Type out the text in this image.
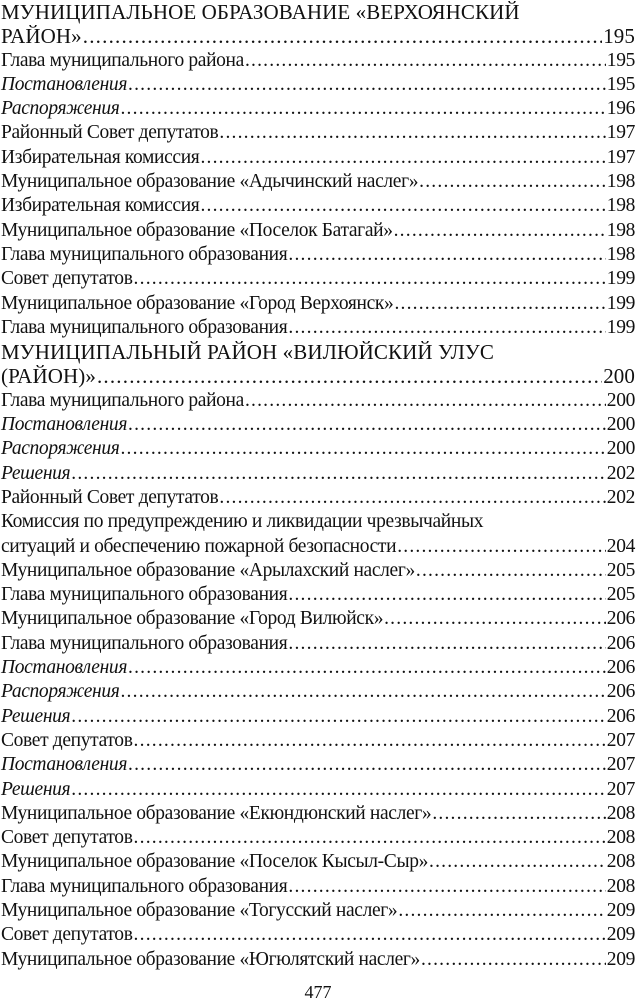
МУНИЦИПАЛЬНОЕ ОБРАЗОВАНИЕ «ВЕРХОЯНСКИЙ
РАЙОН» .....	195
Глава муниципального района .....	195
Постановления .....	195
Распоряжения .....	196
Районный Совет депутатов .....	197
Избирательная комиссия .....	197
Муниципальное образование «Адычинский наслег» .....	198
Избирательная комиссия .....	198
Муниципальное образование «Поселок Батагай» .....	198
Глава муниципального образования .....	198
Совет депутатов .....	199
Муниципальное образование «Город Верхоянск» .....	199
Глава муниципального образования .....	199
МУНИЦИПАЛЬНЫЙ РАЙОН «ВИЛЮЙСКИЙ УЛУС
(РАЙОН)» .....	200
Глава муниципального района .....	200
Постановления .....	200
Распоряжения .....	200
Решения .....	202
Районный Совет депутатов .....	202
Комиссия по предупреждению и ликвидации чрезвычайных
ситуаций и обеспечению пожарной безопасности .....	204
Муниципальное образование «Арылахский наслег» .....	205
Глава муниципального образования .....	205
Муниципальное образование «Город Вилюйск» .....	206
Глава муниципального образования .....	206
Постановления .....	206
Распоряжения .....	206
Решения .....	206
Совет депутатов .....	207
Постановления .....	207
Решения .....	207
Муниципальное образование «Екюндюнский наслег» .....	208
Совет депутатов .....	208
Муниципальное образование «Поселок Кысыл-Сыр» .....	208
Глава муниципального образования .....	208
Муниципальное образование «Тогусский наслег» .....	209
Совет депутатов .....	209
Муниципальное образование «Югюлятский наслег» .....	209
477
